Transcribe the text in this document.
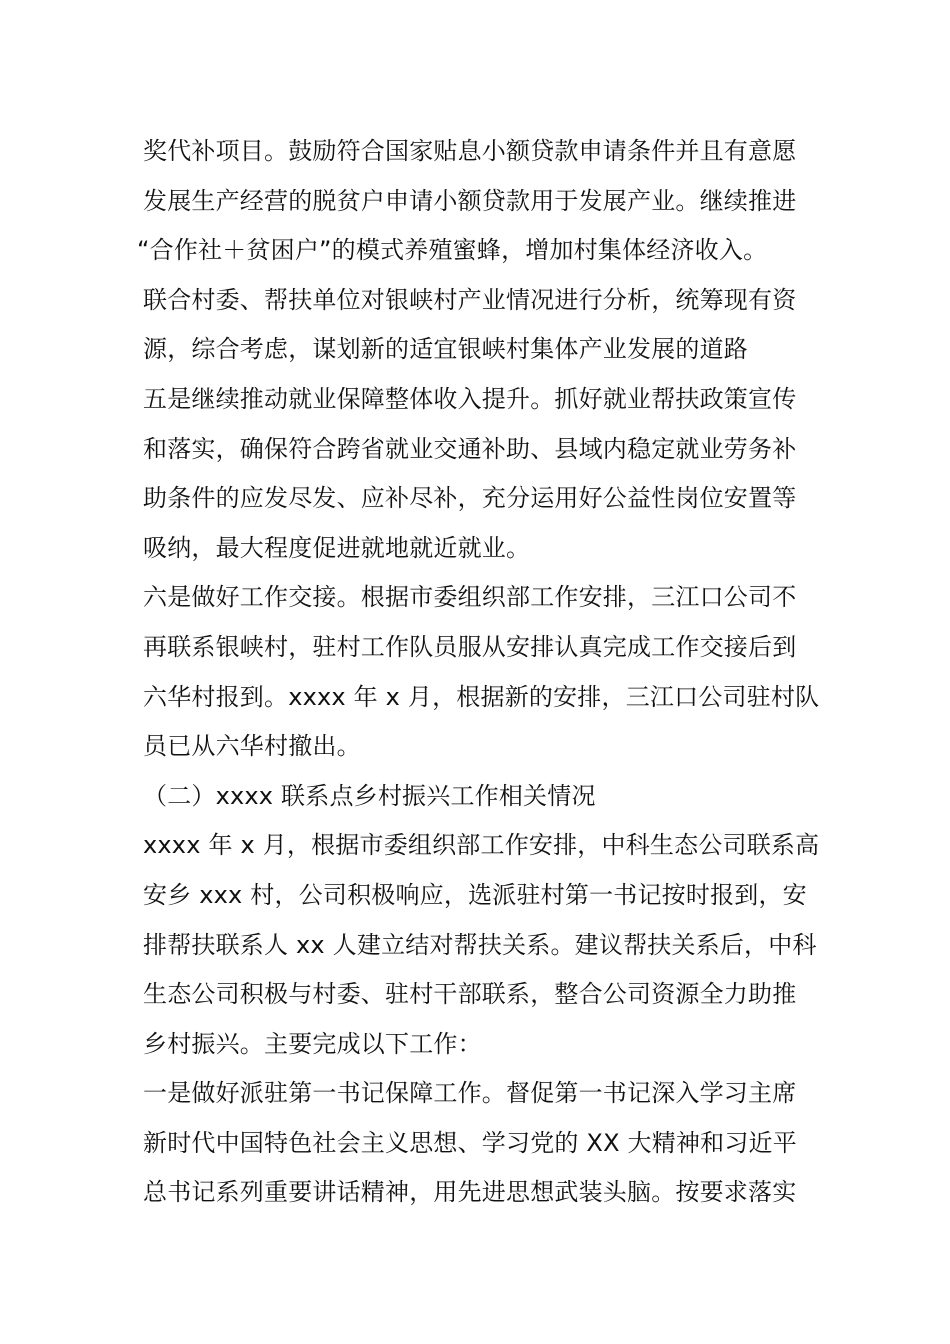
奖代补项目。鼓励符合国家贴息小额贷款申请条件并且有意愿
发展生产经营的脱贫户申请小额贷款用于发展产业。继续推进
“合作社＋贫困户”的模式养殖蜜蜂，增加村集体经济收入。
联合村委、帮扶单位对银峡村产业情况进行分析，统筹现有资
源，综合考虑，谋划新的适宜银峡村集体产业发展的道路
五是继续推动就业保障整体收入提升。抓好就业帮扶政策宣传
和落实，确保符合跨省就业交通补助、县域内稳定就业劳务补
助条件的应发尽发、应补尽补，充分运用好公益性岗位安置等
吸纳，最大程度促进就地就近就业。
六是做好工作交接。根据市委组织部工作安排，三江口公司不
再联系银峡村，驻村工作队员服从安排认真完成工作交接后到
六华村报到。xxxx 年 x 月，根据新的安排，三江口公司驻村队
员已从六华村撤出。
（二）xxxx 联系点乡村振兴工作相关情况
xxxx 年 x 月，根据市委组织部工作安排，中科生态公司联系高
安乡 xxx 村，公司积极响应，选派驻村第一书记按时报到，安
排帮扶联系人 xx 人建立结对帮扶关系。建议帮扶关系后，中科
生态公司积极与村委、驻村干部联系，整合公司资源全力助推
乡村振兴。主要完成以下工作：
一是做好派驻第一书记保障工作。督促第一书记深入学习主席
新时代中国特色社会主义思想、学习党的 XX 大精神和习近平
总书记系列重要讲话精神，用先进思想武装头脑。按要求落实
